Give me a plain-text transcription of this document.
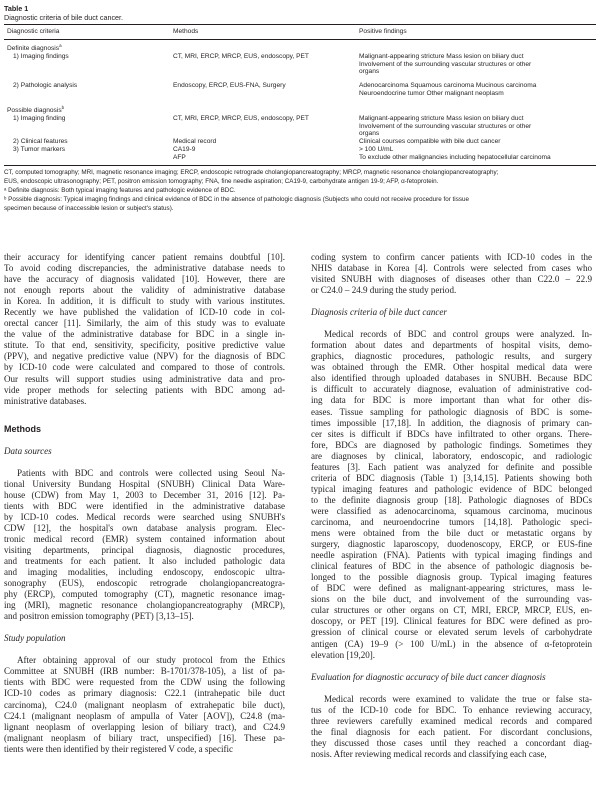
Table 1
Diagnostic criteria of bile duct cancer.
Diagnostic criteria	Methods	Positive findings
Definite diagnosis$^a$
1) Imaging findings	CT, MRI, ERCP, MRCP, EUS, endoscopy, PET	Malignant-appearing stricture Mass lesion on biliary duct
Involvement of the surrounding vascular structures or other
organs
2) Pathologic analysis	Endoscopy, ERCP, EUS-FNA, Surgery	Adenocarcinoma Squamous carcinoma Mucinous carcinoma
Neuroendocrine tumor Other malignant neoplasm
Possible diagnosis$^b$
1) Imaging finding	CT, MRI, ERCP, MRCP, EUS, endoscopy, PET	Malignant-appearing stricture Mass lesion on biliary duct
Involvement of the surrounding vascular structures or other
organs
2) Clinical features	Medical record	Clinical courses compatible with bile duct cancer
3) Tumor markers	CA19-9	> 100 U/mL
AFP	To exclude other malignancies including hepatocellular carcinoma

CT, computed tomography; MRI, magnetic resonance imaging; ERCP, endoscopic retrograde cholangiopancreatography; MRCP, magnetic resonance cholangiopancreatography;

EUS, endoscopic ultrasonography; PET, positron emission tomography; FNA, fine needle aspiration; CA19-9, carbohydrate antigen 19-9; AFP, α-fetoprotein.

ᵃ Definite diagnosis: Both typical imaging features and pathologic evidence of BDC.

ᵇ Possible diagnosis: Typical imaging findings and clinical evidence of BDC in the absence of pathologic diagnosis (Subjects who could not receive procedure for tissue

specimen because of inaccessible lesion or subject's status).

their accuracy for identifying cancer patient remains doubtful [10].
To avoid coding discrepancies, the administrative database needs to
have the accuracy of diagnosis validated [10]. However, there are
not enough reports about the validity of administrative database
in Korea. In addition, it is difficult to study with various institutes.
Recently we have published the validation of ICD-10 code in col-
orectal cancer [11]. Similarly, the aim of this study was to evaluate
the value of the administrative database for BDC in a single in-
stitute. To that end, sensitivity, specificity, positive predictive value
(PPV), and negative predictive value (NPV) for the diagnosis of BDC
by ICD-10 code were calculated and compared to those of controls.
Our results will support studies using administrative data and pro-
vide proper methods for selecting patients with BDC among ad-
ministrative databases.
Methods
Data sources
Patients with BDC and controls were collected using Seoul Na-
tional University Bundang Hospital (SNUBH) Clinical Data Ware-
house (CDW) from May 1, 2003 to December 31, 2016 [12]. Pa-
tients with BDC were identified in the administrative database
by ICD-10 codes. Medical records were searched using SNUBH's
CDW [12], the hospital's own database analysis program. Elec-
tronic medical record (EMR) system contained information about
visiting departments, principal diagnosis, diagnostic procedures,
and treatments for each patient. It also included pathologic data
and imaging modalities, including endoscopy, endoscopic ultra-
sonography (EUS), endoscopic retrograde cholangiopancreatogra-
phy (ERCP), computed tomography (CT), magnetic resonance imag-
ing (MRI), magnetic resonance cholangiopancreatography (MRCP),
and positron emission tomography (PET) [3,13–15].
Study population
After obtaining approval of our study protocol from the Ethics
Committee at SNUBH (IRB number: B-1701/378-105), a list of pa-
tients with BDC were requested from the CDW using the following
ICD-10 codes as primary diagnosis: C22.1 (intrahepatic bile duct
carcinoma), C24.0 (malignant neoplasm of extrahepatic bile duct),
C24.1 (malignant neoplasm of ampulla of Vater [AOV]), C24.8 (ma-
lignant neoplasm of overlapping lesion of biliary tract), and C24.9
(malignant neoplasm of biliary tract, unspecified) [16]. These pa-
tients were then identified by their registered V code, a specific
coding system to confirm cancer patients with ICD-10 codes in the
NHIS database in Korea [4]. Controls were selected from cases who
visited SNUBH with diagnoses of diseases other than C22.0 – 22.9
or C24.0 – 24.9 during the study period.
Diagnosis criteria of bile duct cancer
Medical records of BDC and control groups were analyzed. In-
formation about dates and departments of hospital visits, demo-
graphics, diagnostic procedures, pathologic results, and surgery
was obtained through the EMR. Other hospital medical data were
also identified through uploaded databases in SNUBH. Because BDC
is difficult to accurately diagnose, evaluation of administrative cod-
ing data for BDC is more important than what for other dis-
eases. Tissue sampling for pathologic diagnosis of BDC is some-
times impossible [17,18]. In addition, the diagnosis of primary can-
cer sites is difficult if BDCs have infiltrated to other organs. There-
fore, BDCs are diagnosed by pathologic findings. Sometimes they
are diagnoses by clinical, laboratory, endoscopic, and radiologic
features [3]. Each patient was analyzed for definite and possible
criteria of BDC diagnosis (Table 1) [3,14,15]. Patients showing both
typical imaging features and pathologic evidence of BDC belonged
to the definite diagnosis group [18]. Pathologic diagnoses of BDCs
were classified as adenocarcinoma, squamous carcinoma, mucinous
carcinoma, and neuroendocrine tumors [14,18]. Pathologic speci-
mens were obtained from the bile duct or metastatic organs by
surgery, diagnostic laparoscopy, duodenoscopy, ERCP, or EUS-fine
needle aspiration (FNA). Patients with typical imaging findings and
clinical features of BDC in the absence of pathologic diagnosis be-
longed to the possible diagnosis group. Typical imaging features
of BDC were defined as malignant-appearing strictures, mass le-
sions on the bile duct, and involvement of the surrounding vas-
cular structures or other organs on CT, MRI, ERCP, MRCP, EUS, en-
doscopy, or PET [19]. Clinical features for BDC were defined as pro-
gression of clinical course or elevated serum levels of carbohydrate
antigen (CA) 19–9 (> 100 U/mL) in the absence of α-fetoprotein
elevation [19,20].
Evaluation for diagnostic accuracy of bile duct cancer diagnosis
Medical records were examined to validate the true or false sta-
tus of the ICD-10 code for BDC. To enhance reviewing accuracy,
three reviewers carefully examined medical records and compared
the final diagnosis for each patient. For discordant conclusions,
they discussed those cases until they reached a concordant diag-
nosis. After reviewing medical records and classifying each case,
